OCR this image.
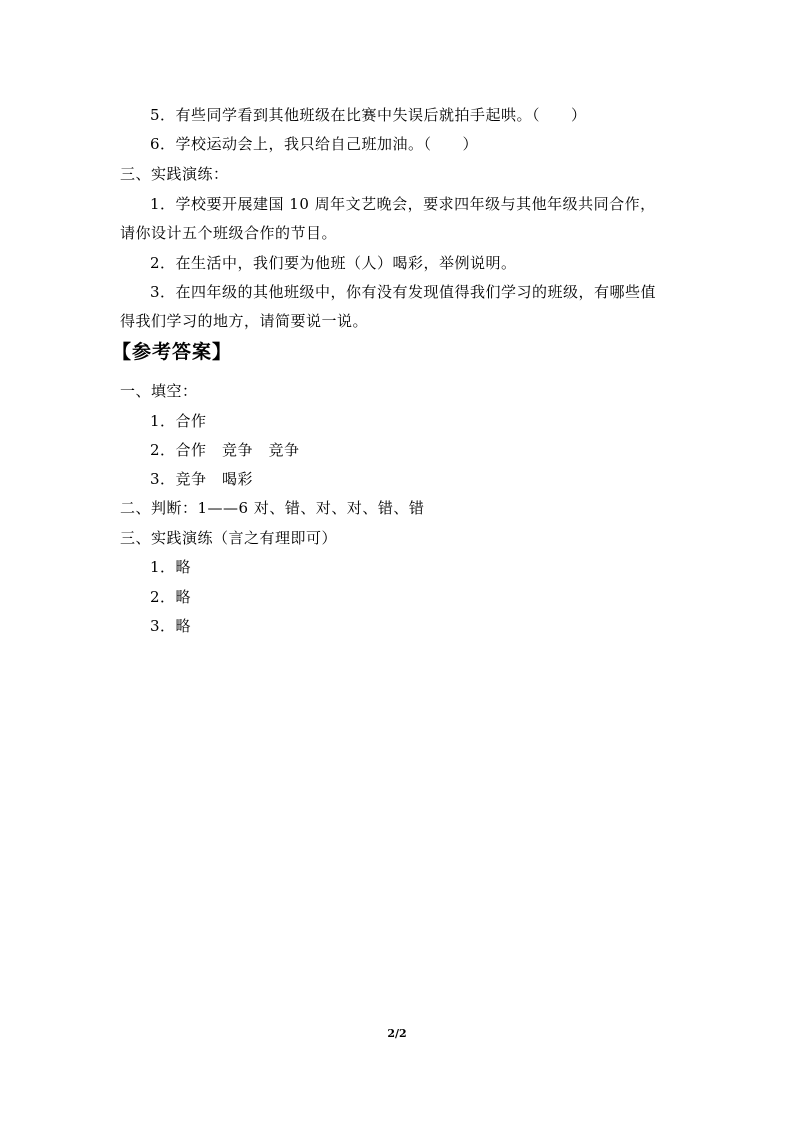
5．有些同学看到其他班级在比赛中失误后就拍手起哄。（　　）
6．学校运动会上，我只给自己班加油。（　　）
三、实践演练：
1．学校要开展建国 10 周年文艺晚会，要求四年级与其他年级共同合作，
请你设计五个班级合作的节目。
2．在生活中，我们要为他班（人）喝彩，举例说明。
3．在四年级的其他班级中，你有没有发现值得我们学习的班级，有哪些值
得我们学习的地方，请简要说一说。
【参考答案】
一、填空：
1．合作
2．合作　竞争　竞争
3．竞争　喝彩
二、判断：1——6 对、错、对、对、错、错
三、实践演练（言之有理即可）
1．略
2．略
3．略
2/2
